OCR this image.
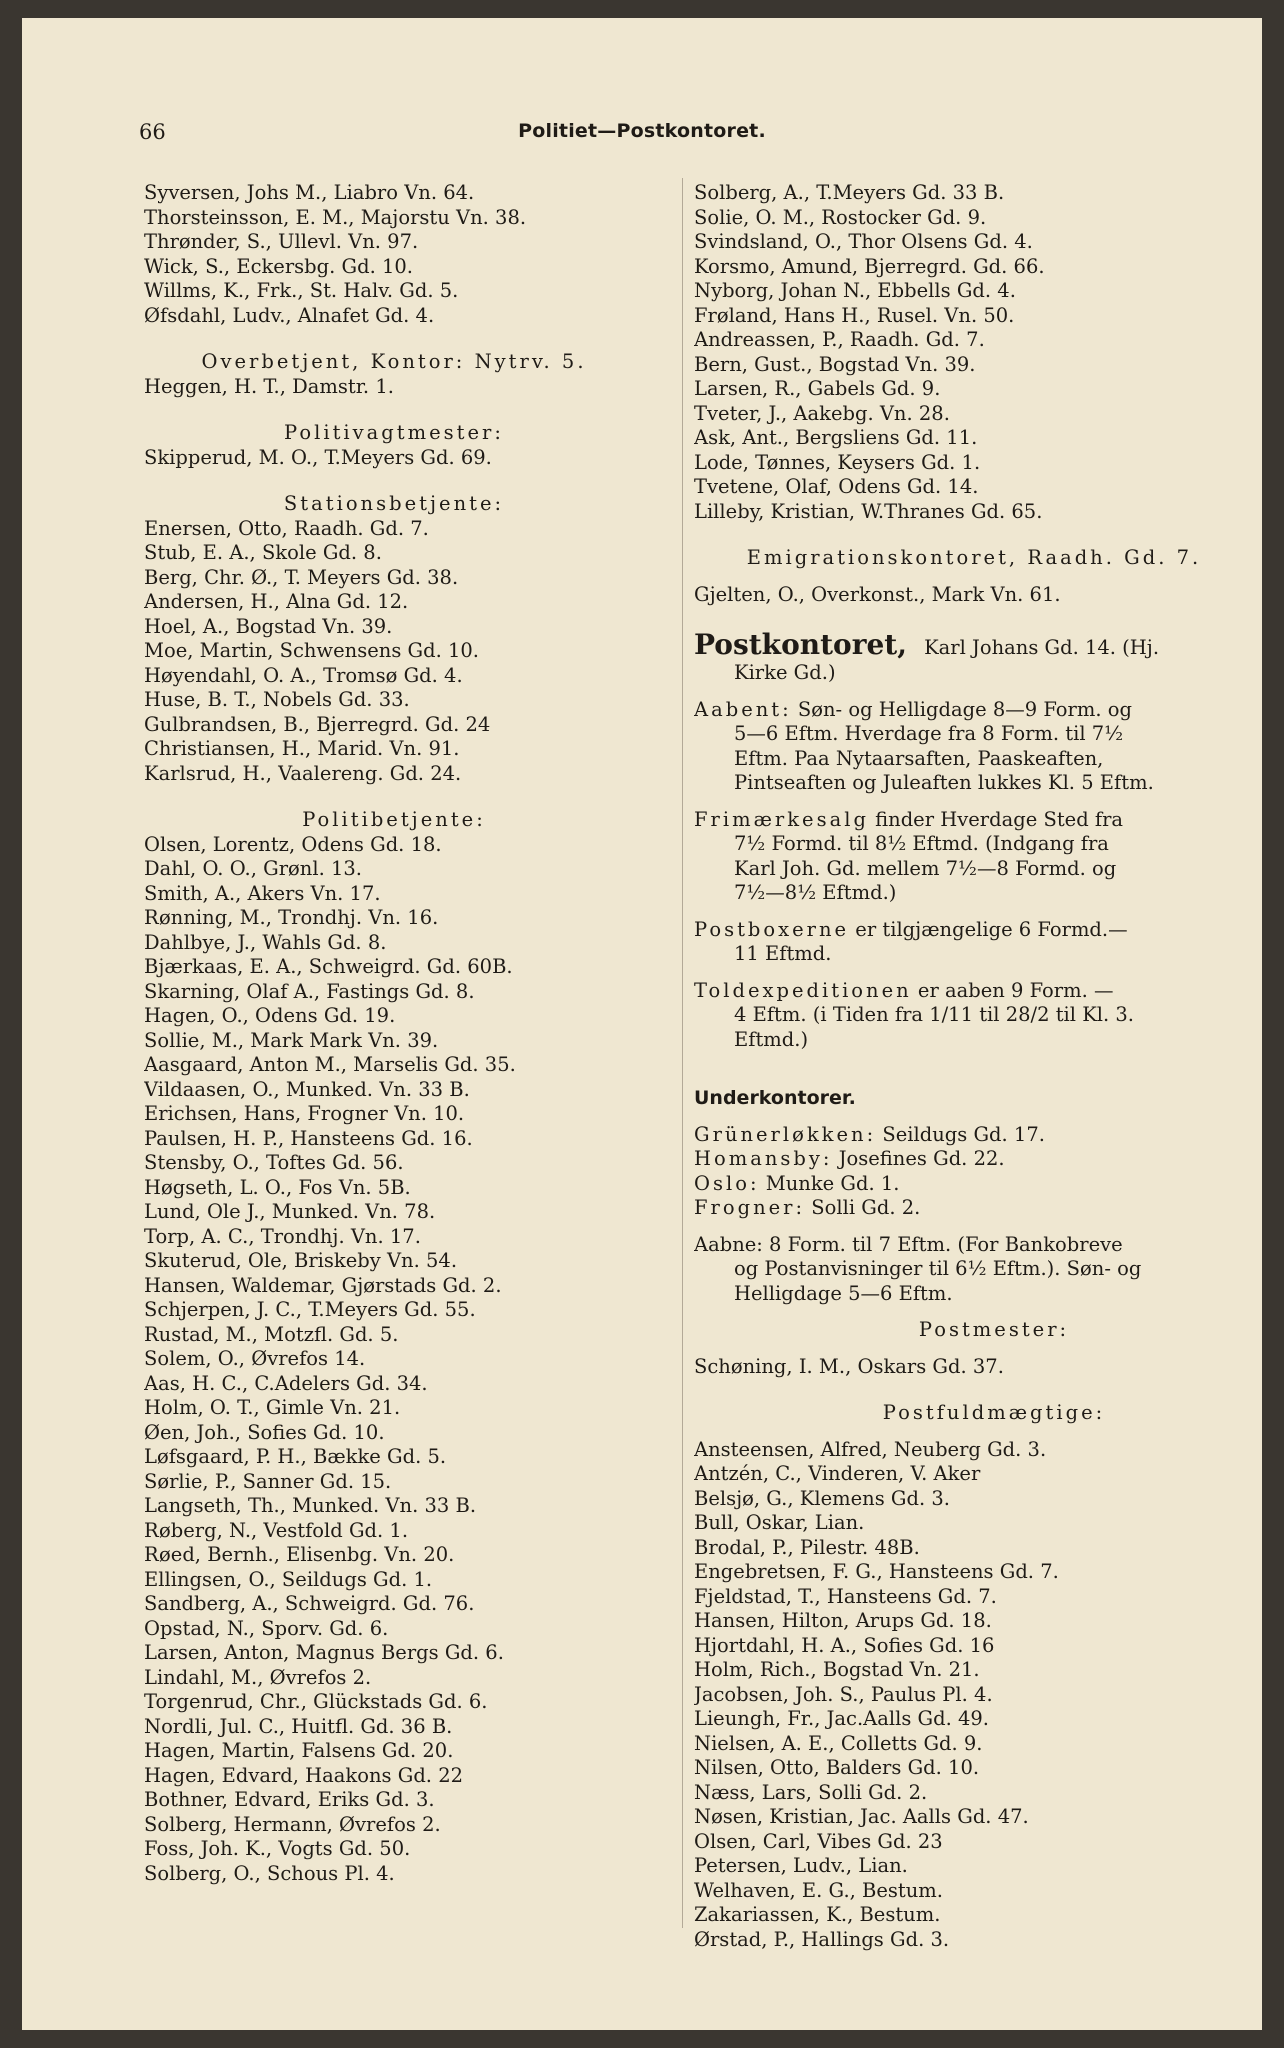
66	Politiet—Postkontoret.
Syversen, Johs M., Liabro Vn. 64.
Thorsteinsson, E. M., Majorstu Vn. 38.
Thrønder, S., Ullevl. Vn. 97.
Wick, S., Eckersbg. Gd. 10.
Willms, K., Frk., St. Halv. Gd. 5.
Øfsdahl, Ludv., Alnafet Gd. 4.
Overbetjent, Kontor: Nytrv. 5.
Heggen, H. T., Damstr. 1.
Politivagtmester:
Skipperud, M. O., T.Meyers Gd. 69.
Stationsbetjente:
Enersen, Otto, Raadh. Gd. 7.
Stub, E. A., Skole Gd. 8.
Berg, Chr. Ø., T. Meyers Gd. 38.
Andersen, H., Alna Gd. 12.
Hoel, A., Bogstad Vn. 39.
Moe, Martin, Schwensens Gd. 10.
Høyendahl, O. A., Tromsø Gd. 4.
Huse, B. T., Nobels Gd. 33.
Gulbrandsen, B., Bjerregrd. Gd. 24
Christiansen, H., Marid. Vn. 91.
Karlsrud, H., Vaalereng. Gd. 24.
Politibetjente:
Olsen, Lorentz, Odens Gd. 18.
Dahl, O. O., Grønl. 13.
Smith, A., Akers Vn. 17.
Rønning, M., Trondhj. Vn. 16.
Dahlbye, J., Wahls Gd. 8.
Bjærkaas, E. A., Schweigrd. Gd. 60B.
Skarning, Olaf A., Fastings Gd. 8.
Hagen, O., Odens Gd. 19.
Sollie, M., Mark Mark Vn. 39.
Aasgaard, Anton M., Marselis Gd. 35.
Vildaasen, O., Munked. Vn. 33 B.
Erichsen, Hans, Frogner Vn. 10.
Paulsen, H. P., Hansteens Gd. 16.
Stensby, O., Toftes Gd. 56.
Høgseth, L. O., Fos Vn. 5B.
Lund, Ole J., Munked. Vn. 78.
Torp, A. C., Trondhj. Vn. 17.
Skuterud, Ole, Briskeby Vn. 54.
Hansen, Waldemar, Gjørstads Gd. 2.
Schjerpen, J. C., T.Meyers Gd. 55.
Rustad, M., Motzfl. Gd. 5.
Solem, O., Øvrefos 14.
Aas, H. C., C.Adelers Gd. 34.
Holm, O. T., Gimle Vn. 21.
Øen, Joh., Sofies Gd. 10.
Løfsgaard, P. H., Bække Gd. 5.
Sørlie, P., Sanner Gd. 15.
Langseth, Th., Munked. Vn. 33 B.
Røberg, N., Vestfold Gd. 1.
Røed, Bernh., Elisenbg. Vn. 20.
Ellingsen, O., Seildugs Gd. 1.
Sandberg, A., Schweigrd. Gd. 76.
Opstad, N., Sporv. Gd. 6.
Larsen, Anton, Magnus Bergs Gd. 6.
Lindahl, M., Øvrefos 2.
Torgenrud, Chr., Glückstads Gd. 6.
Nordli, Jul. C., Huitfl. Gd. 36 B.
Hagen, Martin, Falsens Gd. 20.
Hagen, Edvard, Haakons Gd. 22
Bothner, Edvard, Eriks Gd. 3.
Solberg, Hermann, Øvrefos 2.
Foss, Joh. K., Vogts Gd. 50.
Solberg, O., Schous Pl. 4.
Solberg, A., T.Meyers Gd. 33 B.
Solie, O. M., Rostocker Gd. 9.
Svindsland, O., Thor Olsens Gd. 4.
Korsmo, Amund, Bjerregrd. Gd. 66.
Nyborg, Johan N., Ebbells Gd. 4.
Frøland, Hans H., Rusel. Vn. 50.
Andreassen, P., Raadh. Gd. 7.
Bern, Gust., Bogstad Vn. 39.
Larsen, R., Gabels Gd. 9.
Tveter, J., Aakebg. Vn. 28.
Ask, Ant., Bergsliens Gd. 11.
Lode, Tønnes, Keysers Gd. 1.
Tvetene, Olaf, Odens Gd. 14.
Lilleby, Kristian, W.Thranes Gd. 65.
Emigrationskontoret, Raadh. Gd. 7.
Gjelten, O., Overkonst., Mark Vn. 61.
Postkontoret, Karl Johans Gd. 14. (Hj.
Kirke Gd.)
Aabent: Søn- og Helligdage 8—9 Form. og
5—6 Eftm. Hverdage fra 8 Form. til 7½
Eftm. Paa Nytaarsaften, Paaskeaften,
Pintseaften og Juleaften lukkes Kl. 5 Eftm.
Frimærkesalg finder Hverdage Sted fra
7½ Formd. til 8½ Eftmd. (Indgang fra
Karl Joh. Gd. mellem 7½—8 Formd. og
7½—8½ Eftmd.)
Postboxerne er tilgjængelige 6 Formd.—
11 Eftmd.
Toldexpeditionen er aaben 9 Form. —
4 Eftm. (i Tiden fra 1/11 til 28/2 til Kl. 3.
Eftmd.)
Underkontorer.
Grünerløkken: Seildugs Gd. 17.
Homansby: Josefines Gd. 22.
Oslo: Munke Gd. 1.
Frogner: Solli Gd. 2.
Aabne: 8 Form. til 7 Eftm. (For Bankobreve
og Postanvisninger til 6½ Eftm.). Søn- og
Helligdage 5—6 Eftm.
Postmester:
Schøning, I. M., Oskars Gd. 37.
Postfuldmægtige:
Ansteensen, Alfred, Neuberg Gd. 3.
Antzén, C., Vinderen, V. Aker
Belsjø, G., Klemens Gd. 3.
Bull, Oskar, Lian.
Brodal, P., Pilestr. 48B.
Engebretsen, F. G., Hansteens Gd. 7.
Fjeldstad, T., Hansteens Gd. 7.
Hansen, Hilton, Arups Gd. 18.
Hjortdahl, H. A., Sofies Gd. 16
Holm, Rich., Bogstad Vn. 21.
Jacobsen, Joh. S., Paulus Pl. 4.
Lieungh, Fr., Jac.Aalls Gd. 49.
Nielsen, A. E., Colletts Gd. 9.
Nilsen, Otto, Balders Gd. 10.
Næss, Lars, Solli Gd. 2.
Nøsen, Kristian, Jac. Aalls Gd. 47.
Olsen, Carl, Vibes Gd. 23
Petersen, Ludv., Lian.
Welhaven, E. G., Bestum.
Zakariassen, K., Bestum.
Ørstad, P., Hallings Gd. 3.
